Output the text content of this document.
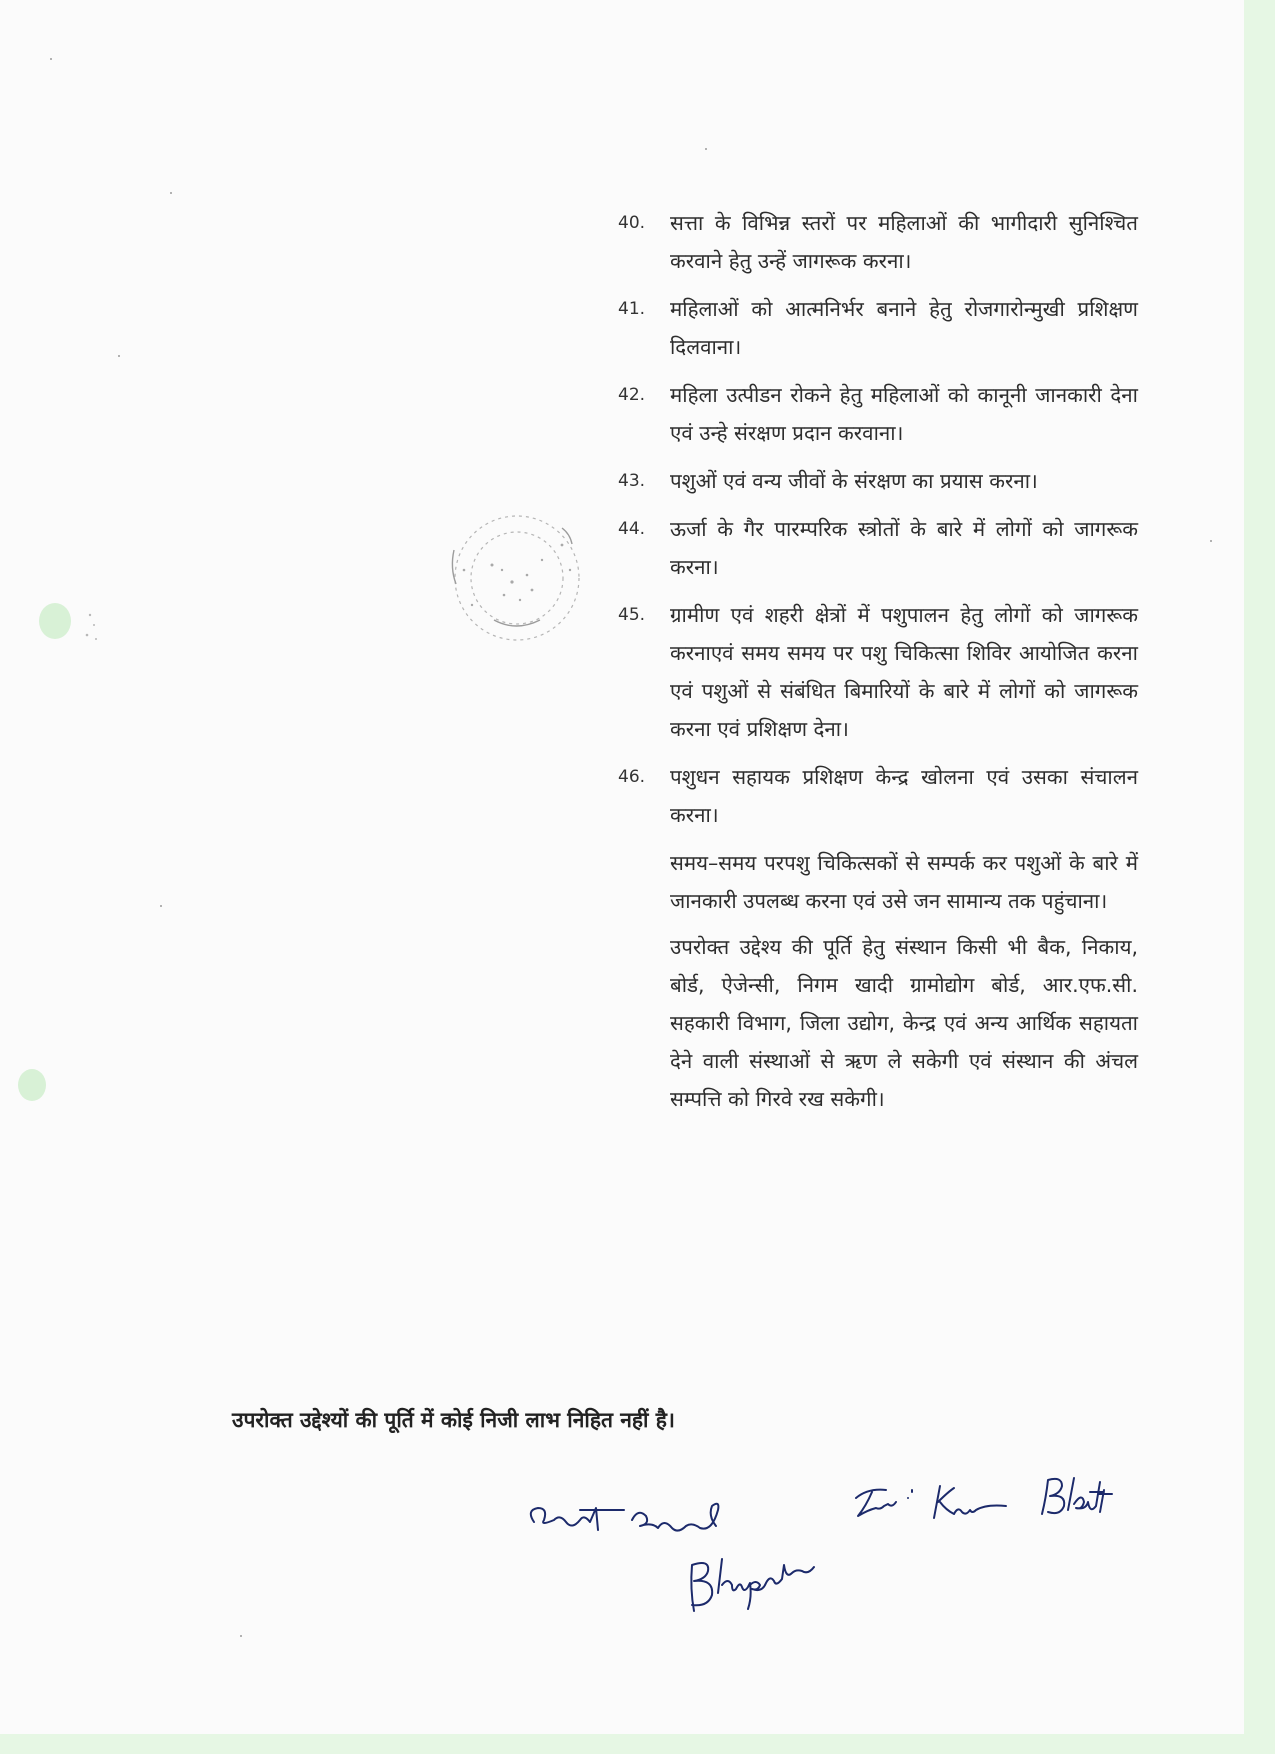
40. सत्ता के विभिन्न स्तरों पर महिलाओं की भागीदारी सुनिश्चित करवाने हेतु उन्हें जागरूक करना।
41. महिलाओं को आत्मनिर्भर बनाने हेतु रोजगारोन्मुखी प्रशिक्षण दिलवाना।
42. महिला उत्पीडन रोकने हेतु महिलाओं को कानूनी जानकारी देना एवं उन्हे संरक्षण प्रदान करवाना।
43. पशुओं एवं वन्य जीवों के संरक्षण का प्रयास करना।
44. ऊर्जा के गैर पारम्परिक स्त्रोतों के बारे में लोगों को जागरूक करना।
45. ग्रामीण एवं शहरी क्षेत्रों में पशुपालन हेतु लोगों को जागरूक करनाएवं समय समय पर पशु चिकित्सा शिविर आयोजित करना एवं पशुओं से संबंधित बिमारियों के बारे में लोगों को जागरूक करना एवं प्रशिक्षण देना।
46. पशुधन सहायक प्रशिक्षण केन्द्र खोलना एवं उसका संचालन करना।
समय–समय परपशु चिकित्सकों से सम्पर्क कर पशुओं के बारे में जानकारी उपलब्ध करना एवं उसे जन सामान्य तक पहुंचाना।
उपरोक्त उद्देश्य की पूर्ति हेतु संस्थान किसी भी बैक, निकाय, बोर्ड, ऐजेन्सी, निगम खादी ग्रामोद्योग बोर्ड, आर.एफ.सी. सहकारी विभाग, जिला उद्योग, केन्द्र एवं अन्य आर्थिक सहायता देने वाली संस्थाओं से ऋण ले सकेगी एवं संस्थान की अंचल सम्पत्ति को गिरवे रख सकेगी।
उपरोक्त उद्देश्यों की पूर्ति में कोई निजी लाभ निहित नहीं है।
